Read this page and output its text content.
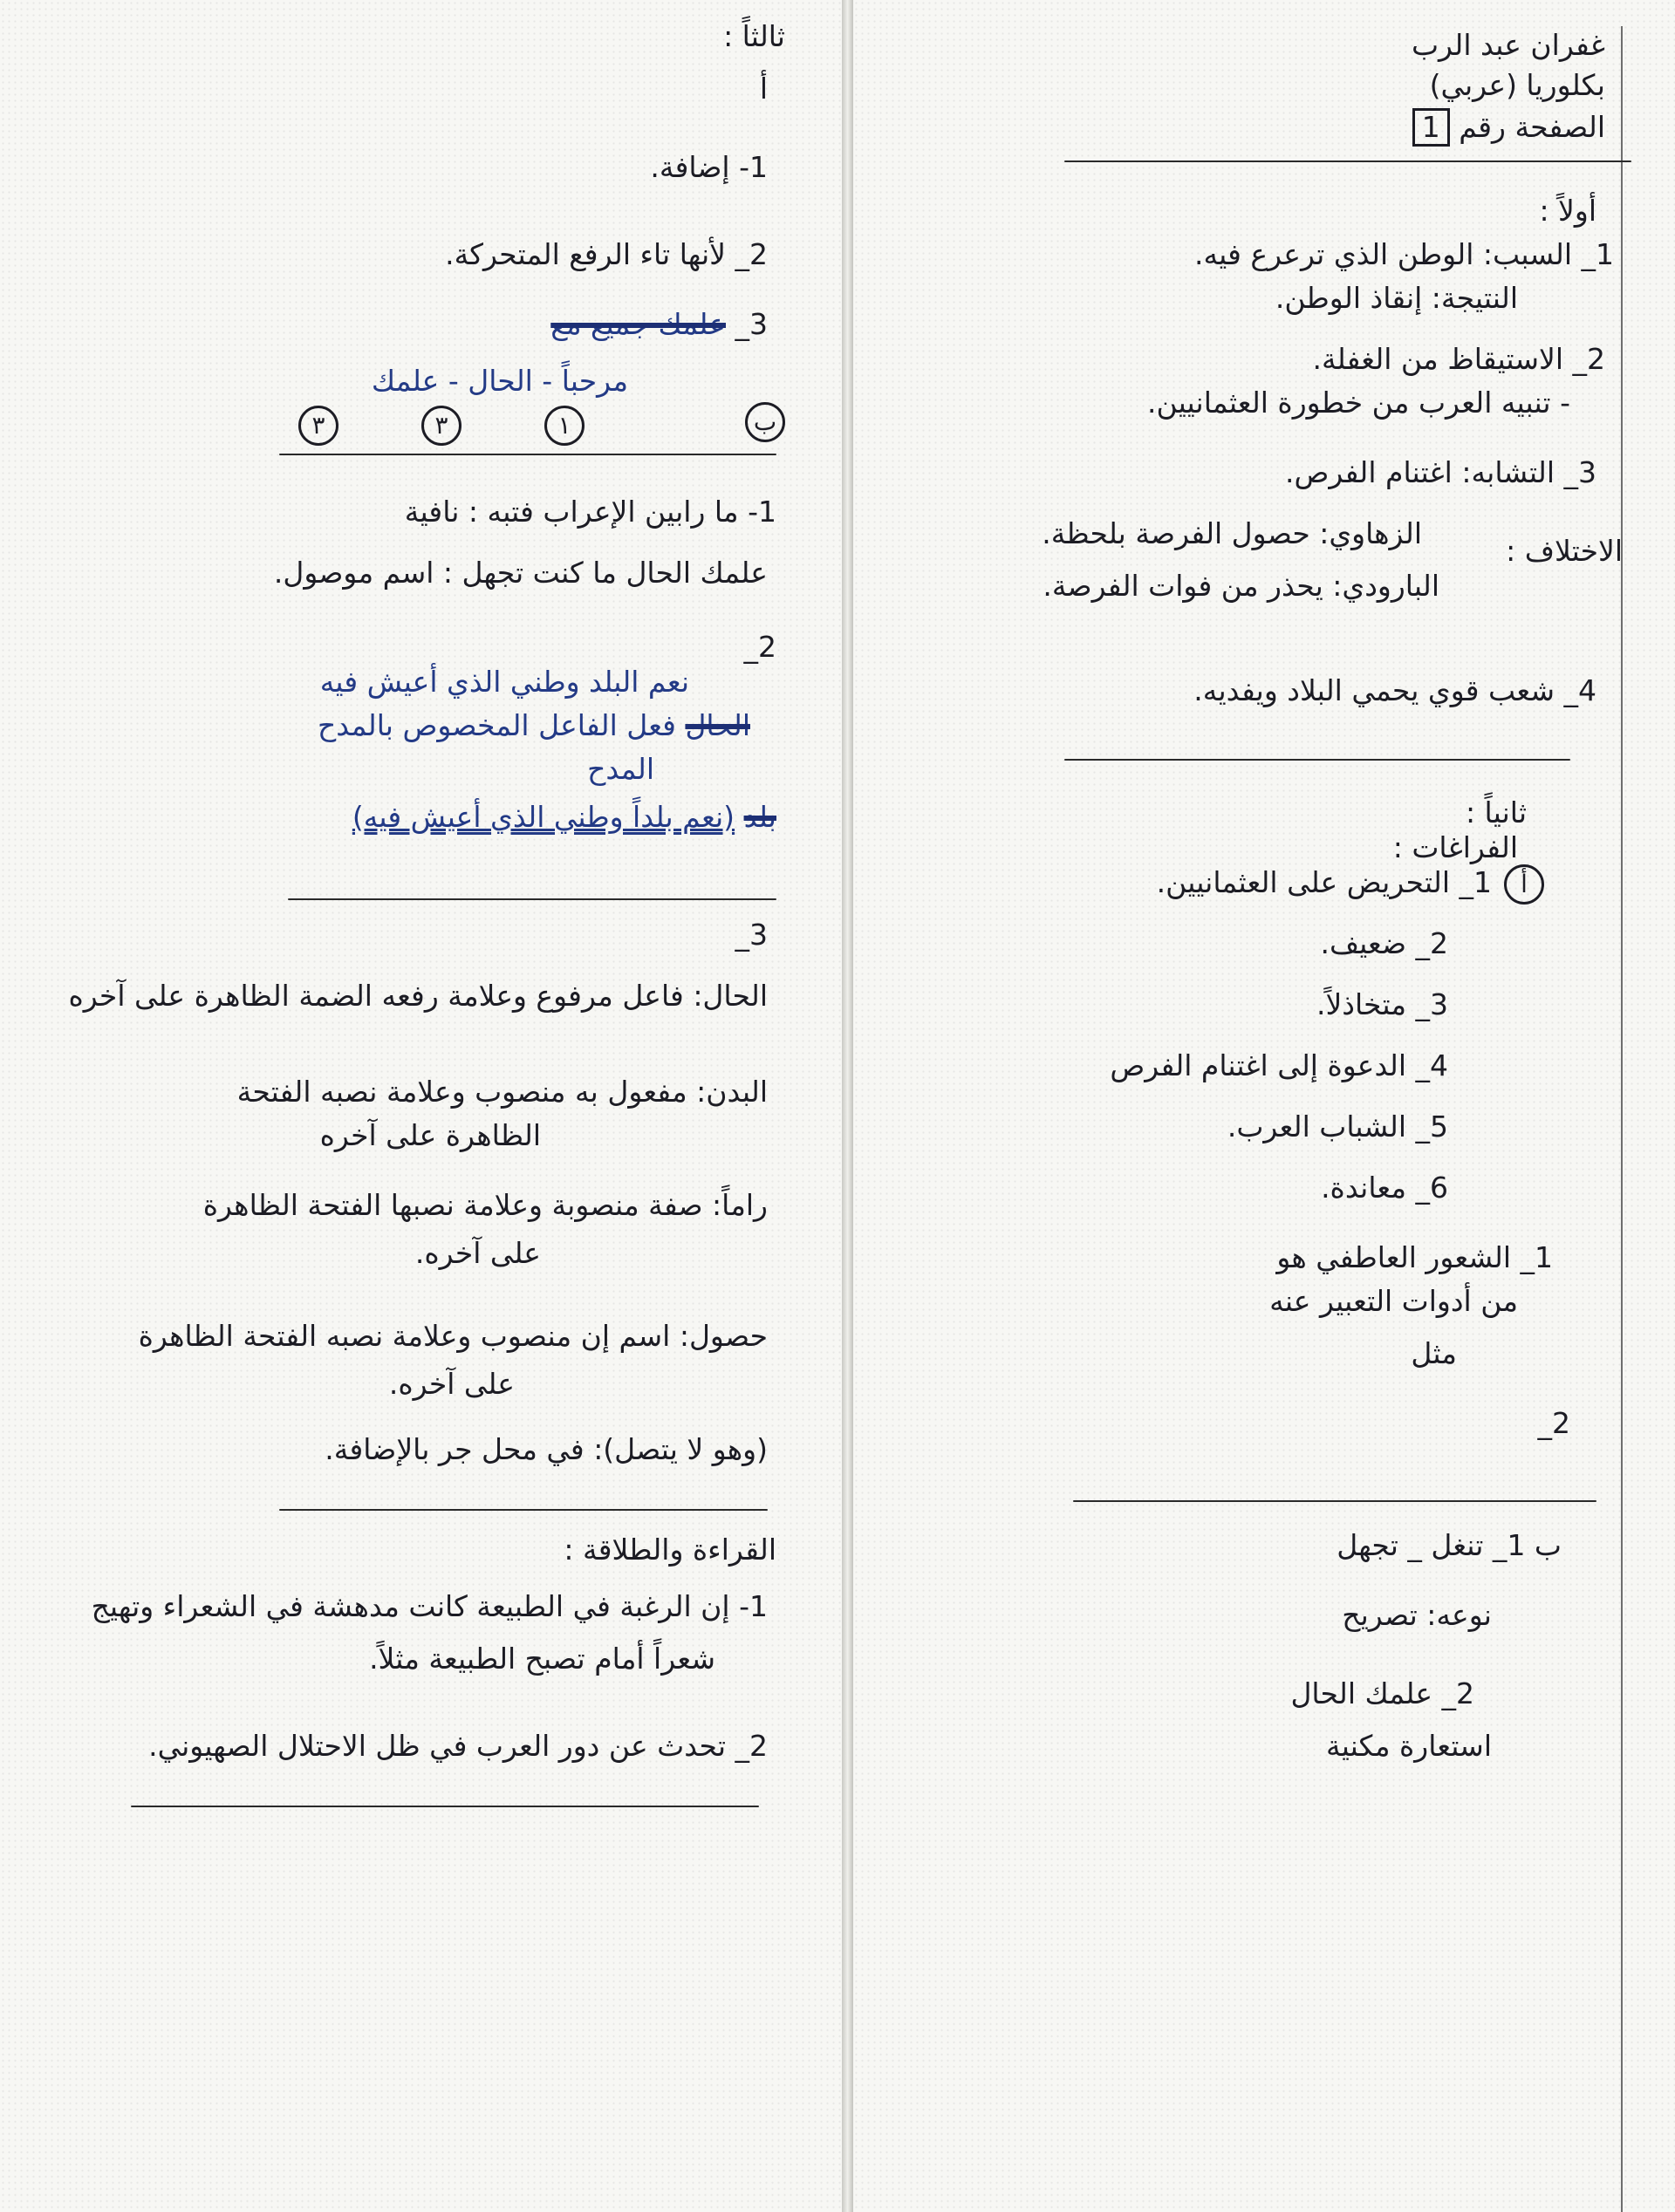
غفران عبد الرب
بكلوريا (عربي)
الصفحة رقم 1
أولاً :
1_ السبب: الوطن الذي ترعرع فيه.
النتيجة: إنقاذ الوطن.
2_ الاستيقاظ من الغفلة.
- تنبيه العرب من خطورة العثمانيين.
3_ التشابه: اغتنام الفرص.
الاختلاف :
الزهاوي: حصول الفرصة بلحظة.
البارودي: يحذر من فوات الفرصة.
4_ شعب قوي يحمي البلاد ويفديه.
ثانياً :
الفراغات :
أ
1_ التحريض على العثمانيين.
2_ ضعيف.
3_ متخاذلاً.
4_ الدعوة إلى اغتنام الفرص
5_ الشباب العرب.
6_ معاندة.
1_ الشعور العاطفي هو
من أدوات التعبير عنه
مثل
2_
ب 1_ تنغل _ تجهل
نوعه: تصريح
2_ علمك الحال
استعارة مكنية
ثالثاً :
أ
1- إضافة.
2_ لأنها تاء الرفع المتحركة.
3_ علمك جميع مع
مرحباً - الحال - علمك
٣	٣	١	ب
1- ما رابين الإعراب فتبه : نافية
علمك الحال ما كنت تجهل : اسم موصول.
2_
نعم البلد وطني الذي أعيش فيه
الحال فعل الفاعل المخصوص بالمدح
المدح
بلد (نعم بلداً وطني الذي أعيش فيه)
3_
الحال: فاعل مرفوع وعلامة رفعه الضمة الظاهرة على آخره
البدن: مفعول به منصوب وعلامة نصبه الفتحة
الظاهرة على آخره
راماً: صفة منصوبة وعلامة نصبها الفتحة الظاهرة
على آخره.
حصول: اسم إن منصوب وعلامة نصبه الفتحة الظاهرة
على آخره.
(وهو لا يتصل): في محل جر بالإضافة.
القراءة والطلاقة :
1- إن الرغبة في الطبيعة كانت مدهشة في الشعراء وتهيج
شعراً أمام تصبح الطبيعة مثلاً.
2_ تحدث عن دور العرب في ظل الاحتلال الصهيوني.
